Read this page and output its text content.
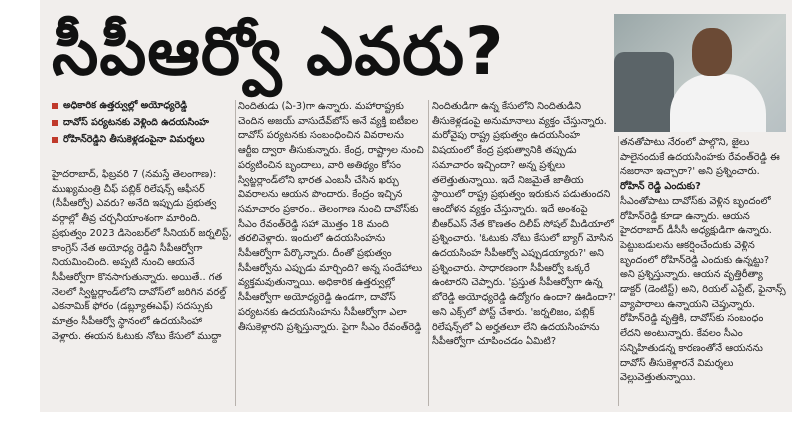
సీపీఆర్వో ఎవరు?
అధికారిక ఉత్తర్వుల్లో అయోధ్యరెడ్డి
దావోస్ పర్యటనకు వెళ్లింది ఉదయసింహ
రోహిన్‌రెడ్డిని తీసుకెళ్లడంపైనా విమర్శలు

హైదరాబాద్, ఫిబ్రవరి 7 (నమస్తే తెలంగాణ): ముఖ్యమంత్రి చీఫ్ పబ్లిక్ రిలేషన్స్ ఆఫీసర్ (సీపీఆర్వో) ఎవరు? అనేది ఇప్పుడు ప్రభుత్వ వర్గాల్లో తీవ్ర చర్చనీయాంశంగా మారింది. ప్రభుత్వం 2023 డిసెంబర్‌లో సీనియర్ జర్నలిస్ట్, కాంగ్రెస్ నేత అయోధ్య రెడ్డిని సీపీఆర్వోగా నియమించింది. అప్పటి నుంచి ఆయనే సీపీఆర్వోగా కొనసాగుతున్నారు. అయితే.. గత నెలలో స్విట్జర్లాండ్‌లోని దావోస్‌లో జరిగిన వరల్డ్ ఎకనామిక్ ఫోరం (డబ్ల్యూఈఎఫ్) సదస్సుకు మాత్రం సీపీఆర్వో స్థానంలో ఉదయసింహా వెళ్లారు. ఈయన ఓటుకు నోటు కేసులో ముద్దా

నిందితుడు (ఏ-3)గా ఉన్నారు. మహారాష్ట్రకు చెందిన అజయ్ వాసుదేవ్‌బోస్ అనే వ్యక్తి ఐటీఐల దావోస్ పర్యటనకు సంబంధించిన వివరాలను ఆర్టీఐ ద్వారా తీసుకున్నారు. కేంద్ర, రాష్ట్రాల నుంచి పర్యటించిన బృందాలు, వారి అతిథ్యం కోసం స్విట్జర్లాండ్‌లోని భారత ఎంబసీ చేసిన ఖర్చు వివరాలను ఆయన పొందారు. కేంద్రం ఇచ్చిన సమాచారం ప్రకారం.. తెలంగాణ నుంచి దావోస్‌కు సీఎం రేవంత్‌రెడ్డి సహా మొత్తం 18 మంది తరలివెళ్లారు. ఇందులో ఉదయసింహను సీపీఆర్వోగా పేర్కొన్నారు. దీంతో ప్రభుత్వం సీపీఆర్వోను ఎప్పుడు మార్చింది? అన్న సందేహాలు వ్యక్తమవుతున్నాయి. అధికారిక ఉత్తర్వుల్లో సీపీఆర్వోగా అయోధ్యరెడ్డి ఉండగా, దావోస్ పర్యటనకు ఉదయసింహను సీపీఆర్వోగా ఎలా తీసుకెళ్లారని ప్రశ్నిస్తున్నారు. పైగా సీఎం రేవంత్‌రెడ్డి

నిందితుడిగా ఉన్న కేసులోని నిందితుడిని తీసుకెళ్లడంపై అనుమానాలు వ్యక్తం చేస్తున్నారు. మరోవైపు రాష్ట్ర ప్రభుత్వం ఉదయసింహ విషయంలో కేంద్ర ప్రభుత్వానికి తప్పుడు సమాచారం ఇచ్చిందా? అన్న ప్రశ్నలు తలెత్తుతున్నాయి. ఇదే నిజమైతే జాతీయ స్థాయిలో రాష్ట్ర ప్రభుత్వం ఇరుకున పడుతుందని ఆందోళన వ్యక్తం చేస్తున్నారు. ఇదే అంశంపై బీఆర్ఎస్ నేత కొణతం దిలీప్ సోషల్ మీడియాలో ప్రశ్నించారు. 'ఓటుకు నోటు కేసులో బ్యాగ్ మోసిన ఉదయసింహ సీపీఆర్వో ఎప్పుడయ్యారు?' అని ప్రశ్నించారు. సాధారణంగా సీపీఆర్వో ఒక్కరే ఉంటారని చెప్పారు. 'ప్రస్తుత సీపీఆర్వోగా ఉన్న బోరెడ్డి అయోధ్యరెడ్డి ఉద్యోగం ఉందా? ఊడిందా?' అని ఎక్స్‌లో పోస్ట్ చేశారు. 'జర్నలిజం, పబ్లిక్ రిలేషన్స్‌లో ఏ అర్హతలూ లేని ఉదయసింహను సీపీఆర్వోగా చూపించడం ఏమిటి?

తనతోపాటు నేరంలో పాల్గొని, జైలు పాలైనందుకే ఉదయసింహకు రేవంత్‌రెడ్డి ఈ నజరానా ఇచ్చారా?' అని ప్రశ్నించారు.

రోహిన్ రెడ్డి ఎందుకు?

సీఎంతోపాటు దావోస్‌కు వెళ్లిన బృందంలో రోహిన్‌రెడ్డి కూడా ఉన్నారు. ఆయన హైదరాబాద్ డీసీసీ అధ్యక్షుడిగా ఉన్నారు. పెట్టుబడులను ఆకర్షించేందుకు వెళ్లిన బృందంలో రోహిన్‌రెడ్డి ఎందుకు ఉన్నట్టు? అని ప్రశ్నిస్తున్నారు. ఆయన వృత్తిరీత్యా డాక్టర్ (డెంటిస్ట్) అని, రియల్ ఎస్టేట్, ఫైనాన్స్ వ్యాపారాలు ఉన్నాయని చెప్తున్నారు. రోహిన్‌రెడ్డి వృత్తికి, దావోస్‌కు సంబంధం లేదని అంటున్నారు. కేవలం సీఎం సన్నిహితుడన్న కారణంతోనే ఆయనను దావోస్ తీసుకెళ్లారనే విమర్శలు వెల్లువెత్తుతున్నాయి.
